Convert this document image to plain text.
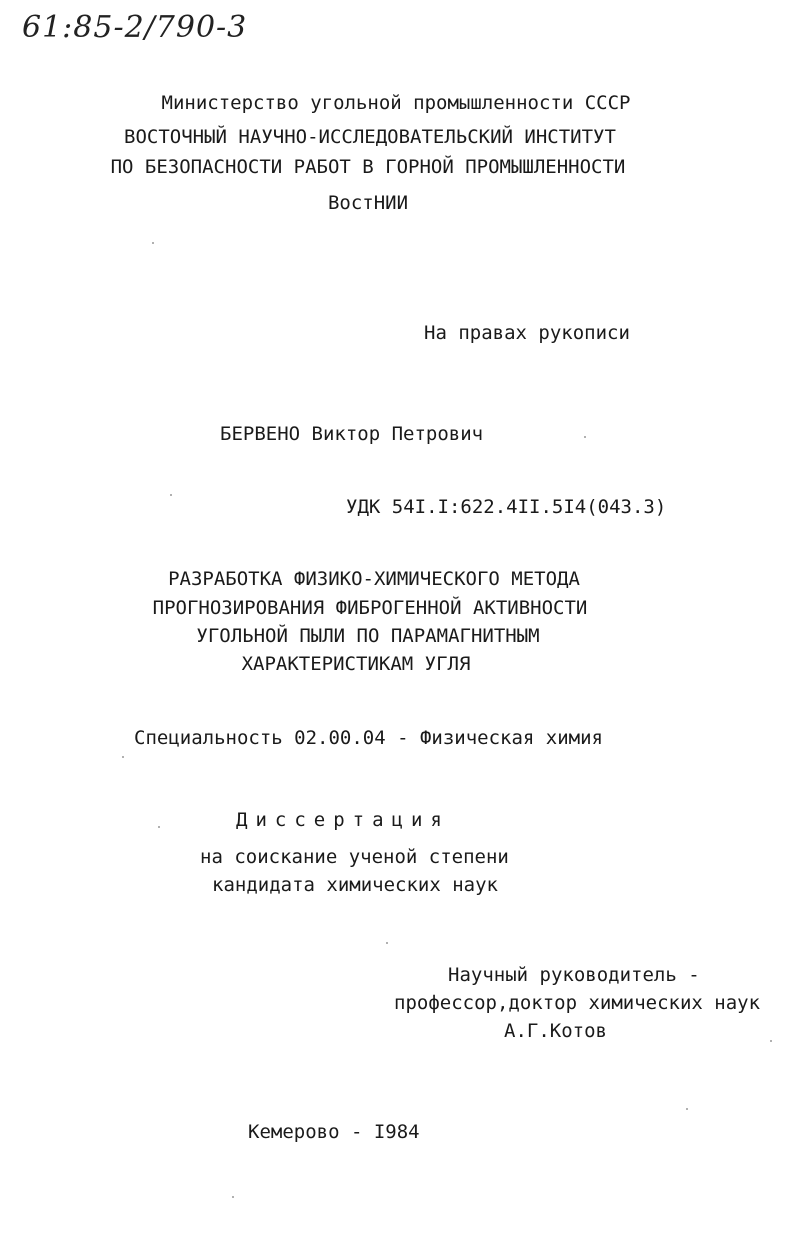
61:85-2/790-3
Министерство угольной промышленности СССР
ВОСТОЧНЫЙ НАУЧНО-ИССЛЕДОВАТЕЛЬСКИЙ ИНСТИТУТ
ПО БЕЗОПАСНОСТИ РАБОТ В ГОРНОЙ ПРОМЫШЛЕННОСТИ
ВостНИИ
На правах рукописи
БЕРВЕНО Виктор Петрович
УДК 54I.I:622.4II.5I4(043.3)
РАЗРАБОТКА ФИЗИКО-ХИМИЧЕСКОГО МЕТОДА
ПРОГНОЗИРОВАНИЯ ФИБРОГЕННОЙ АКТИВНОСТИ
УГОЛЬНОЙ ПЫЛИ ПО ПАРАМАГНИТНЫМ
ХАРАКТЕРИСТИКАМ УГЛЯ
Специальность 02.00.04 - Физическая химия
Диссертация
на соискание ученой степени
кандидата химических наук
Научный руководитель -
профессор,доктор химических наук
А.Г.Котов
Кемерово - I984
